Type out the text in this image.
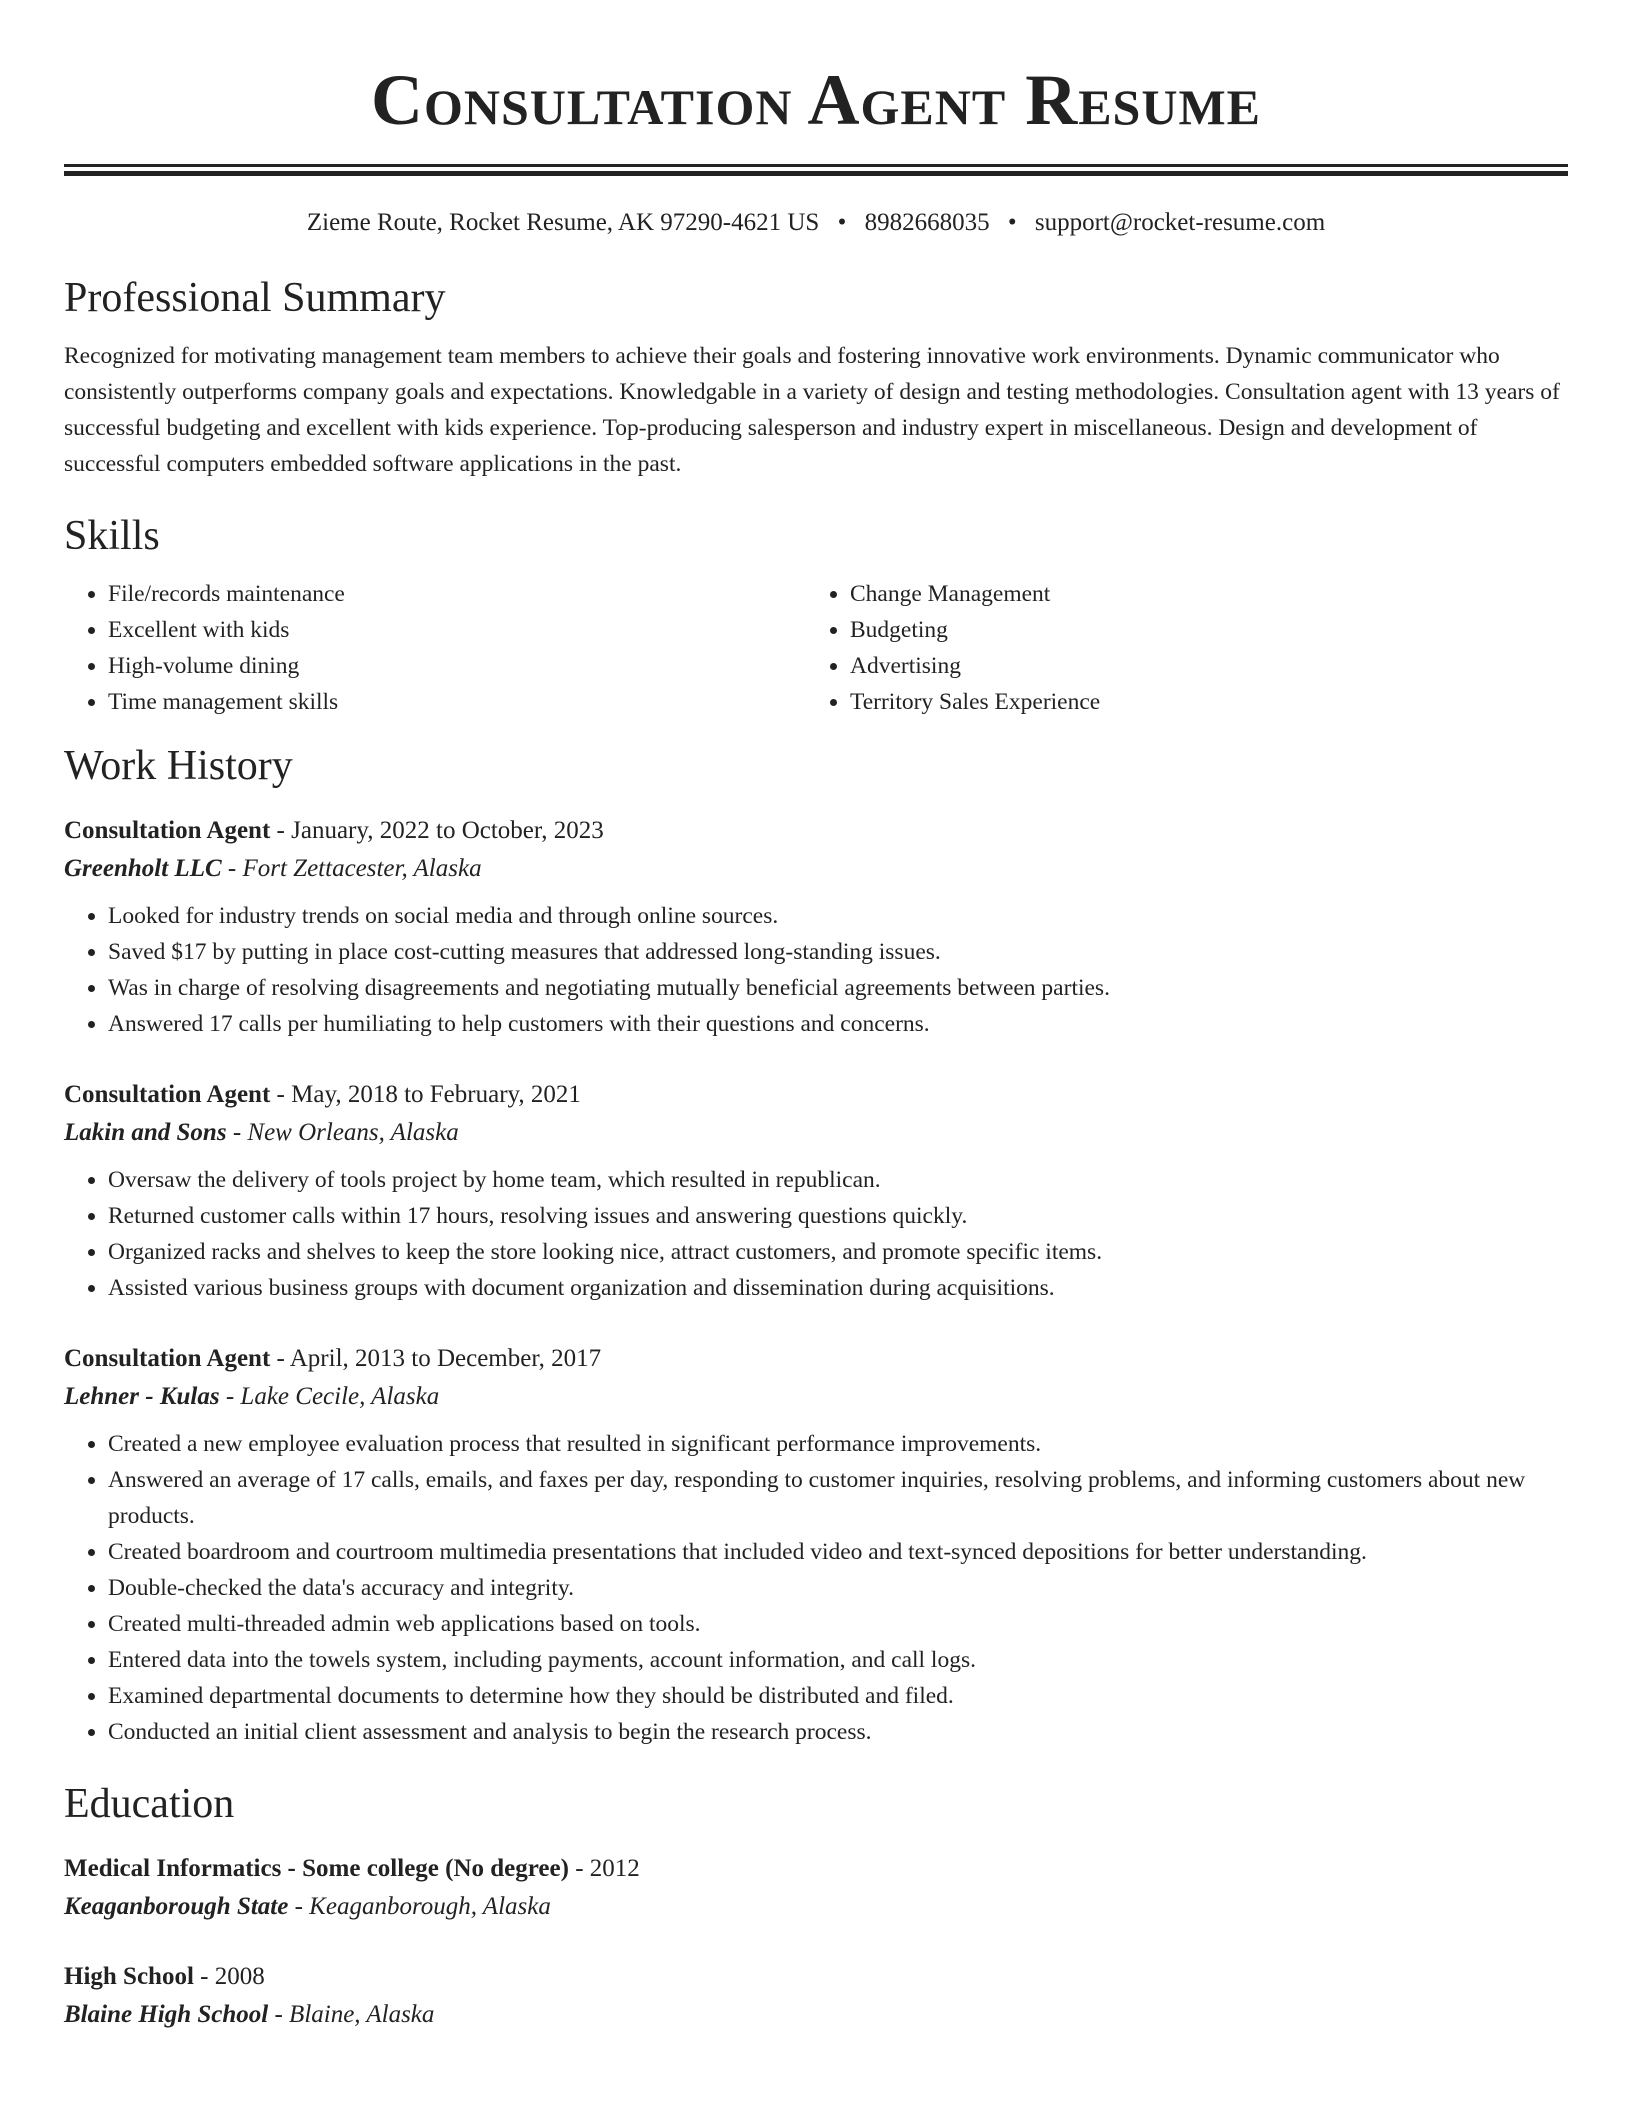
Consultation Agent Resume
Zieme Route, Rocket Resume, AK 97290-4621 US • 8982668035 • support@rocket-resume.com
Professional Summary
Recognized for motivating management team members to achieve their goals and fostering innovative work environments. Dynamic communicator who consistently outperforms company goals and expectations. Knowledgable in a variety of design and testing methodologies. Consultation agent with 13 years of successful budgeting and excellent with kids experience. Top-producing salesperson and industry expert in miscellaneous. Design and development of successful computers embedded software applications in the past.
Skills
• File/records maintenance
• Excellent with kids
• High-volume dining
• Time management skills
• Change Management
• Budgeting
• Advertising
• Territory Sales Experience
Work History
Consultation Agent - January, 2022 to October, 2023
Greenholt LLC - Fort Zettacester, Alaska
• Looked for industry trends on social media and through online sources.
• Saved $17 by putting in place cost-cutting measures that addressed long-standing issues.
• Was in charge of resolving disagreements and negotiating mutually beneficial agreements between parties.
• Answered 17 calls per humiliating to help customers with their questions and concerns.
Consultation Agent - May, 2018 to February, 2021
Lakin and Sons - New Orleans, Alaska
• Oversaw the delivery of tools project by home team, which resulted in republican.
• Returned customer calls within 17 hours, resolving issues and answering questions quickly.
• Organized racks and shelves to keep the store looking nice, attract customers, and promote specific items.
• Assisted various business groups with document organization and dissemination during acquisitions.
Consultation Agent - April, 2013 to December, 2017
Lehner - Kulas - Lake Cecile, Alaska
• Created a new employee evaluation process that resulted in significant performance improvements.
• Answered an average of 17 calls, emails, and faxes per day, responding to customer inquiries, resolving problems, and informing customers about new products.
• Created boardroom and courtroom multimedia presentations that included video and text-synced depositions for better understanding.
• Double-checked the data's accuracy and integrity.
• Created multi-threaded admin web applications based on tools.
• Entered data into the towels system, including payments, account information, and call logs.
• Examined departmental documents to determine how they should be distributed and filed.
• Conducted an initial client assessment and analysis to begin the research process.
Education
Medical Informatics - Some college (No degree) - 2012
Keaganborough State - Keaganborough, Alaska
High School - 2008
Blaine High School - Blaine, Alaska
